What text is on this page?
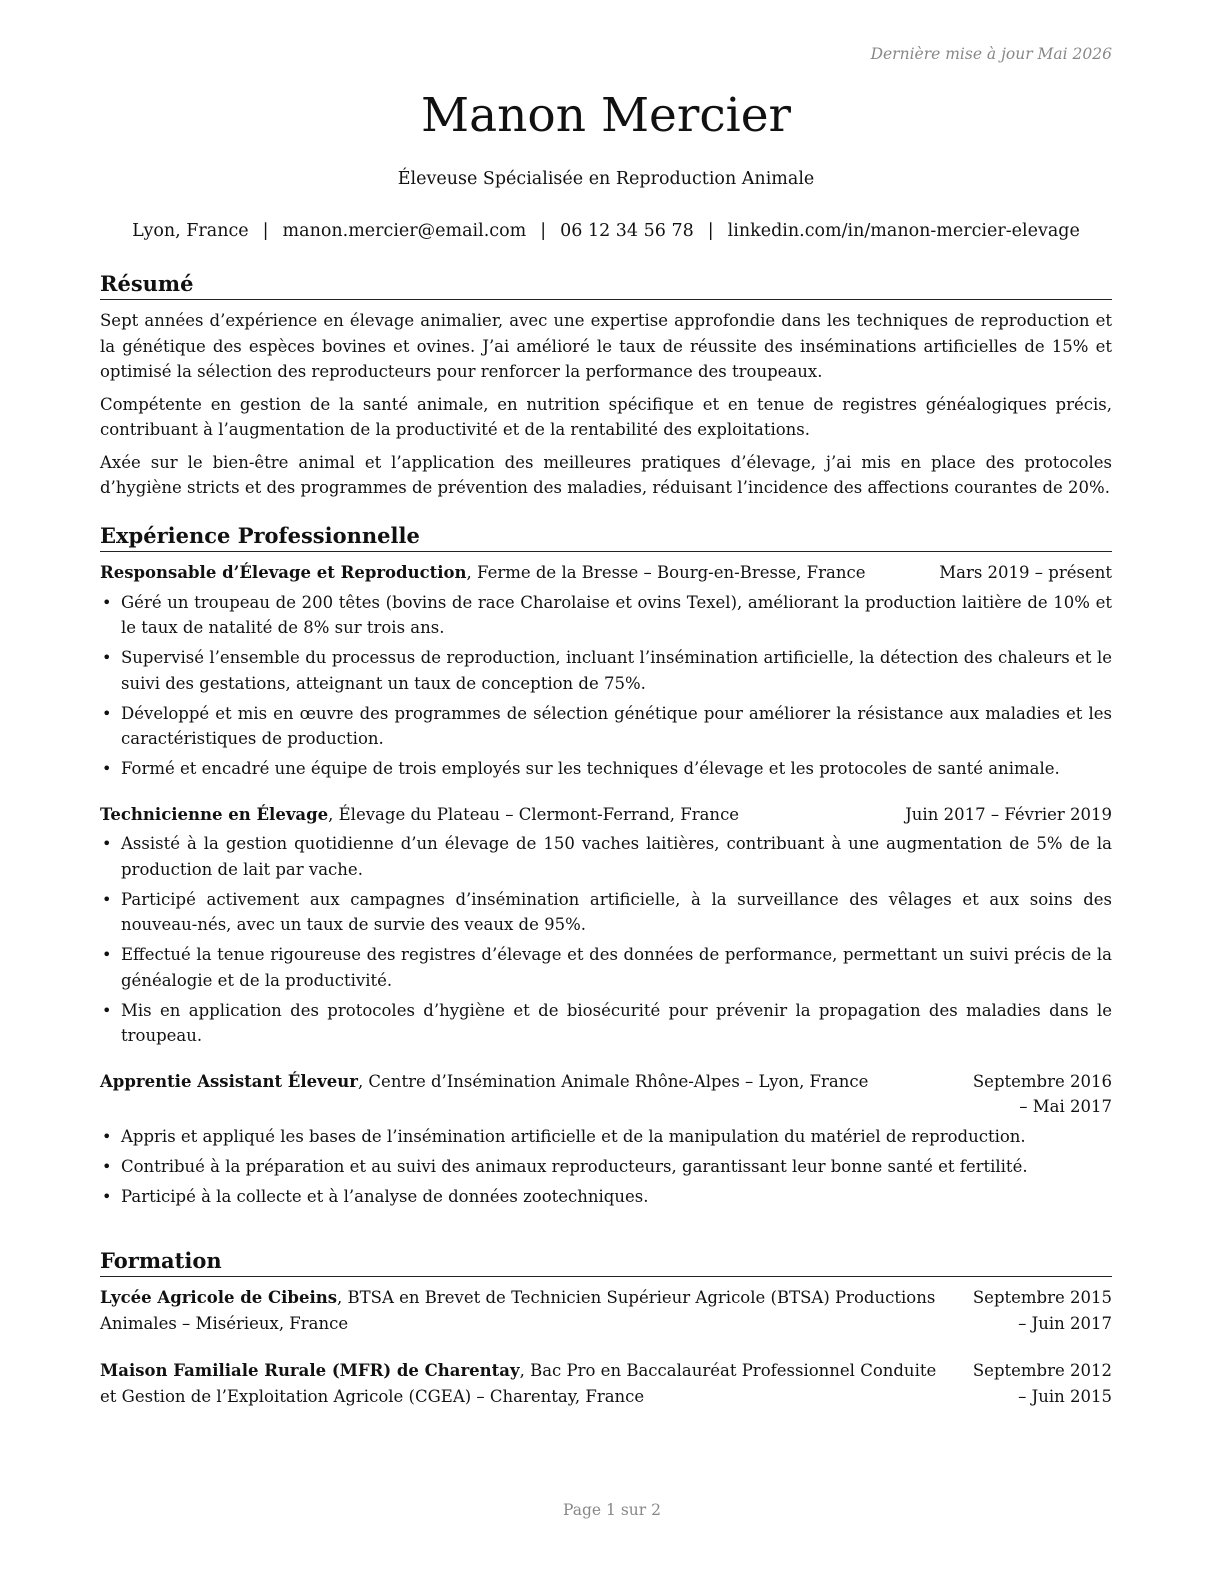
Dernière mise à jour Mai 2026
Manon Mercier
Éleveuse Spécialisée en Reproduction Animale
Lyon, France | manon.mercier@email.com | 06 12 34 56 78 | linkedin.com/in/manon-mercier-elevage
Résumé

Sept années d’expérience en élevage animalier, avec une expertise approfondie dans les techniques de reproduction et la génétique des espèces bovines et ovines. J’ai amélioré le taux de réussite des inséminations artificielles de 15% et optimisé la sélection des reproducteurs pour renforcer la performance des troupeaux.

Compétente en gestion de la santé animale, en nutrition spécifique et en tenue de registres généalogiques précis, contribuant à l’augmentation de la productivité et de la rentabilité des exploitations.

Axée sur le bien-être animal et l’application des meilleures pratiques d’élevage, j’ai mis en place des protocoles d’hygiène stricts et des programmes de prévention des maladies, réduisant l’incidence des affections courantes de 20%.

Expérience Professionnelle
Responsable d’Élevage et Reproduction, Ferme de la Bresse – Bourg-en-Bresse, France	Mars 2019 – présent
• Géré un troupeau de 200 têtes (bovins de race Charolaise et ovins Texel), améliorant la production laitière de 10% et le taux de natalité de 8% sur trois ans.
• Supervisé l’ensemble du processus de reproduction, incluant l’insémination artificielle, la détection des chaleurs et le suivi des gestations, atteignant un taux de conception de 75%.
• Développé et mis en œuvre des programmes de sélection génétique pour améliorer la résistance aux maladies et les caractéristiques de production.
• Formé et encadré une équipe de trois employés sur les techniques d’élevage et les protocoles de santé animale.
Technicienne en Élevage, Élevage du Plateau – Clermont-Ferrand, France	Juin 2017 – Février 2019
• Assisté à la gestion quotidienne d’un élevage de 150 vaches laitières, contribuant à une augmentation de 5% de la production de lait par vache.
• Participé activement aux campagnes d’insémination artificielle, à la surveillance des vêlages et aux soins des nouveau-nés, avec un taux de survie des veaux de 95%.
• Effectué la tenue rigoureuse des registres d’élevage et des données de performance, permettant un suivi précis de la généalogie et de la productivité.
• Mis en application des protocoles d’hygiène et de biosécurité pour prévenir la propagation des maladies dans le troupeau.
Apprentie Assistant Éleveur, Centre d’Insémination Animale Rhône-Alpes – Lyon, France	Septembre 2016 – Mai 2017
• Appris et appliqué les bases de l’insémination artificielle et de la manipulation du matériel de reproduction.
• Contribué à la préparation et au suivi des animaux reproducteurs, garantissant leur bonne santé et fertilité.
• Participé à la collecte et à l’analyse de données zootechniques.
Formation
Lycée Agricole de Cibeins, BTSA en Brevet de Technicien Supérieur Agricole (BTSA) Productions Animales – Misérieux, France
Septembre 2015 – Juin 2017
Maison Familiale Rurale (MFR) de Charentay, Bac Pro en Baccalauréat Professionnel Conduite et Gestion de l’Exploitation Agricole (CGEA) – Charentay, France
Septembre 2012 – Juin 2015
Page 1 sur 2
